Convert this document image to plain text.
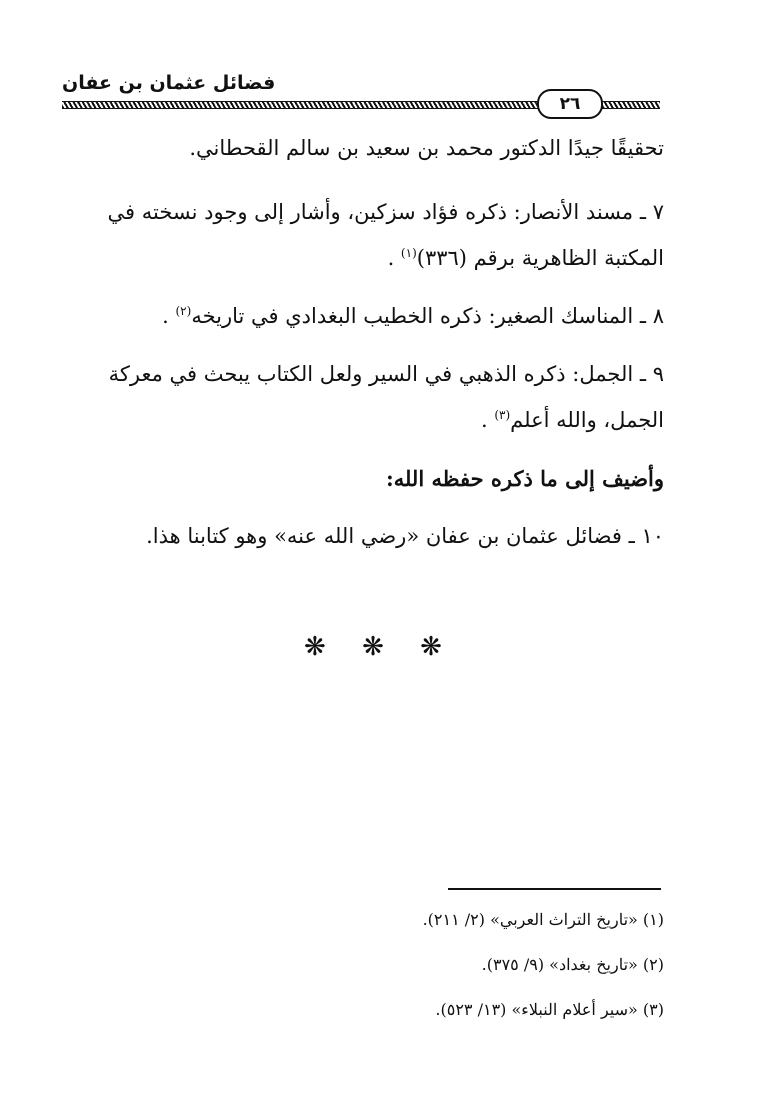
فضائل عثمان بن عفان
٢٦
تحقيقًا جيدًا الدكتور محمد بن سعيد بن سالم القحطاني.
٧ ـ مسند الأنصار: ذكره فؤاد سزكين، وأشار إلى وجود نسخته في
المكتبة الظاهرية برقم (٣٣٦)$^{(١)}$ .
٨ ـ المناسك الصغير: ذكره الخطيب البغدادي في تاريخه$^{(٢)}$ .
٩ ـ الجمل: ذكره الذهبي في السير ولعل الكتاب يبحث في معركة
الجمل، والله أعلم$^{(٣)}$ .
وأضيف إلى ما ذكره حفظه الله:
١٠ ـ فضائل عثمان بن عفان «رضي الله عنه» وهو كتابنا هذا.
❋ ❋ ❋
(١) «تاريخ التراث العربي» (٢/ ٢١١).
(٢) «تاريخ بغداد» (٩/ ٣٧٥).
(٣) «سير أعلام النبلاء» (١٣/ ٥٢٣).
